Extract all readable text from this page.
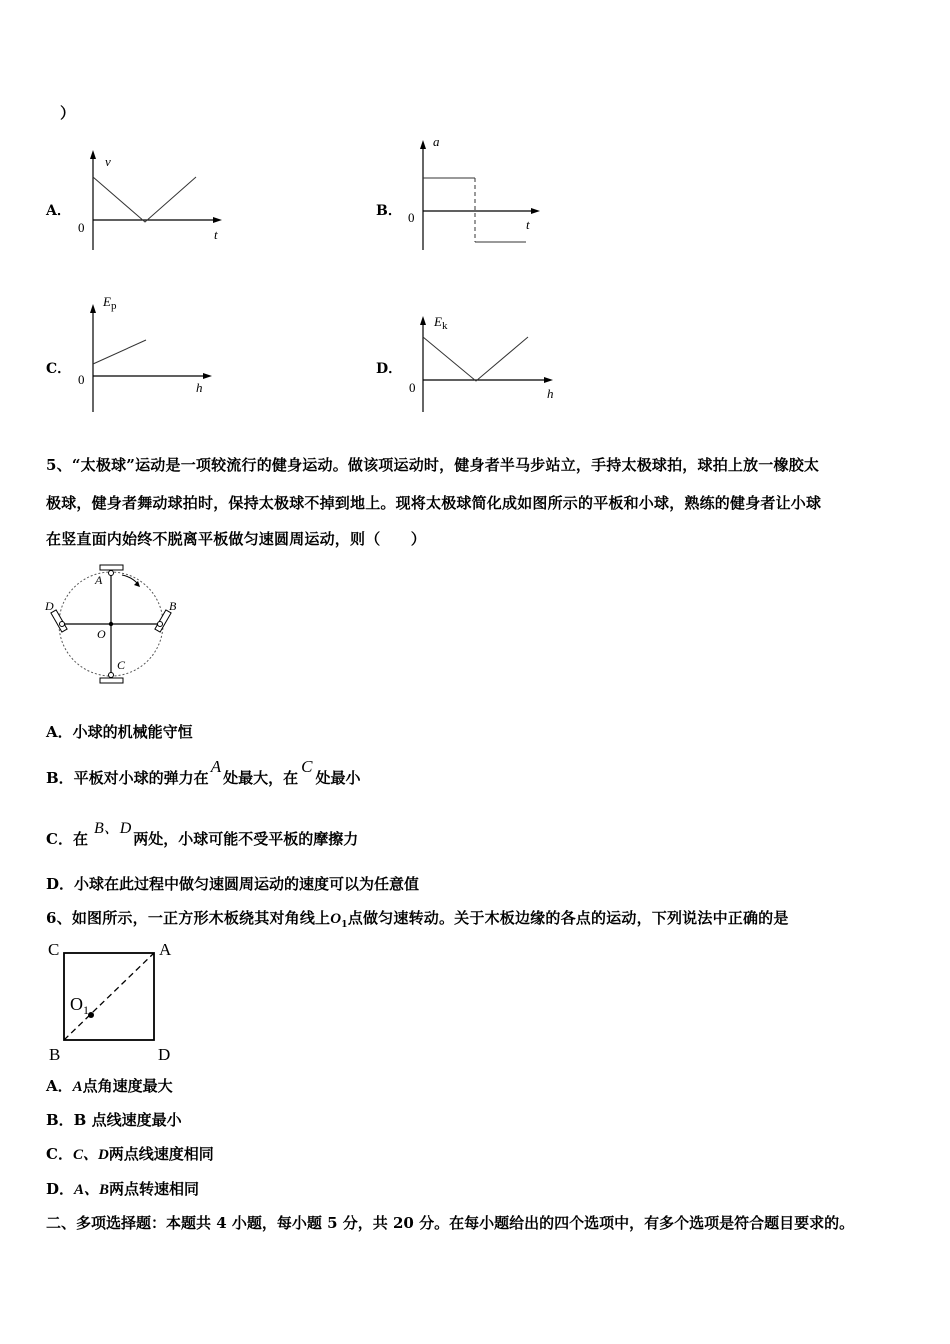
）
A．
v
0	t
B．
a
0	t
C．
$E_p$
0
h
D．
$E_k$
0	h
5、“太极球”运动是一项较流行的健身运动。做该项运动时，健身者半马步站立，手持太极球拍，球拍上放一橡胶太
极球，健身者舞动球拍时，保持太极球不掉到地上。现将太极球简化成如图所示的平板和小球，熟练的健身者让小球
在竖直面内始终不脱离平板做匀速圆周运动，则（　　）
A
B
C
D
O
A．小球的机械能守恒
B．平板对小球的弹力在A处最大，在C处最小
C．在B、D两处，小球可能不受平板的摩擦力
D．小球在此过程中做匀速圆周运动的速度可以为任意值
6、如图所示，一正方形木板绕其对角线上$O_1$点做匀速转动。关于木板边缘的各点的运动，下列说法中正确的是
C	A
B	D
$O_1$
A．A点角速度最大
B．B 点线速度最小
C．C、D两点线速度相同
D．A、B两点转速相同
二、多项选择题：本题共 4 小题，每小题 5 分，共 20 分。在每小题给出的四个选项中，有多个选项是符合题目要求的。
